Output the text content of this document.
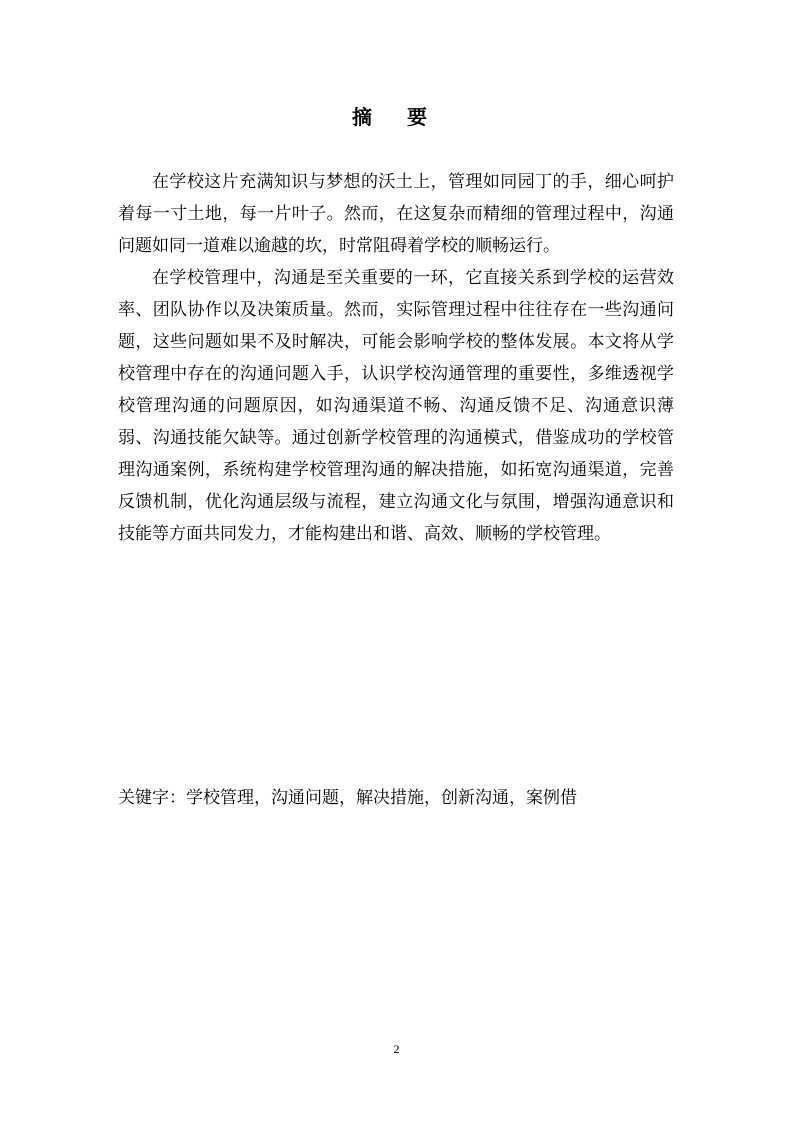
摘 要

在学校这片充满知识与梦想的沃土上，管理如同园丁的手，细心呵护着每一寸土地，每一片叶子。然而，在这复杂而精细的管理过程中，沟通问题如同一道难以逾越的坎，时常阻碍着学校的顺畅运行。

在学校管理中，沟通是至关重要的一环，它直接关系到学校的运营效率、团队协作以及决策质量。然而，实际管理过程中往往存在一些沟通问题，这些问题如果不及时解决，可能会影响学校的整体发展。本文将从学校管理中存在的沟通问题入手，认识学校沟通管理的重要性，多维透视学校管理沟通的问题原因，如沟通渠道不畅、沟通反馈不足、沟通意识薄弱、沟通技能欠缺等。通过创新学校管理的沟通模式，借鉴成功的学校管理沟通案例，系统构建学校管理沟通的解决措施，如拓宽沟通渠道，完善反馈机制，优化沟通层级与流程，建立沟通文化与氛围，增强沟通意识和技能等方面共同发力，才能构建出和谐、高效、顺畅的学校管理。

关键字：学校管理，沟通问题，解决措施，创新沟通，案例借
2
